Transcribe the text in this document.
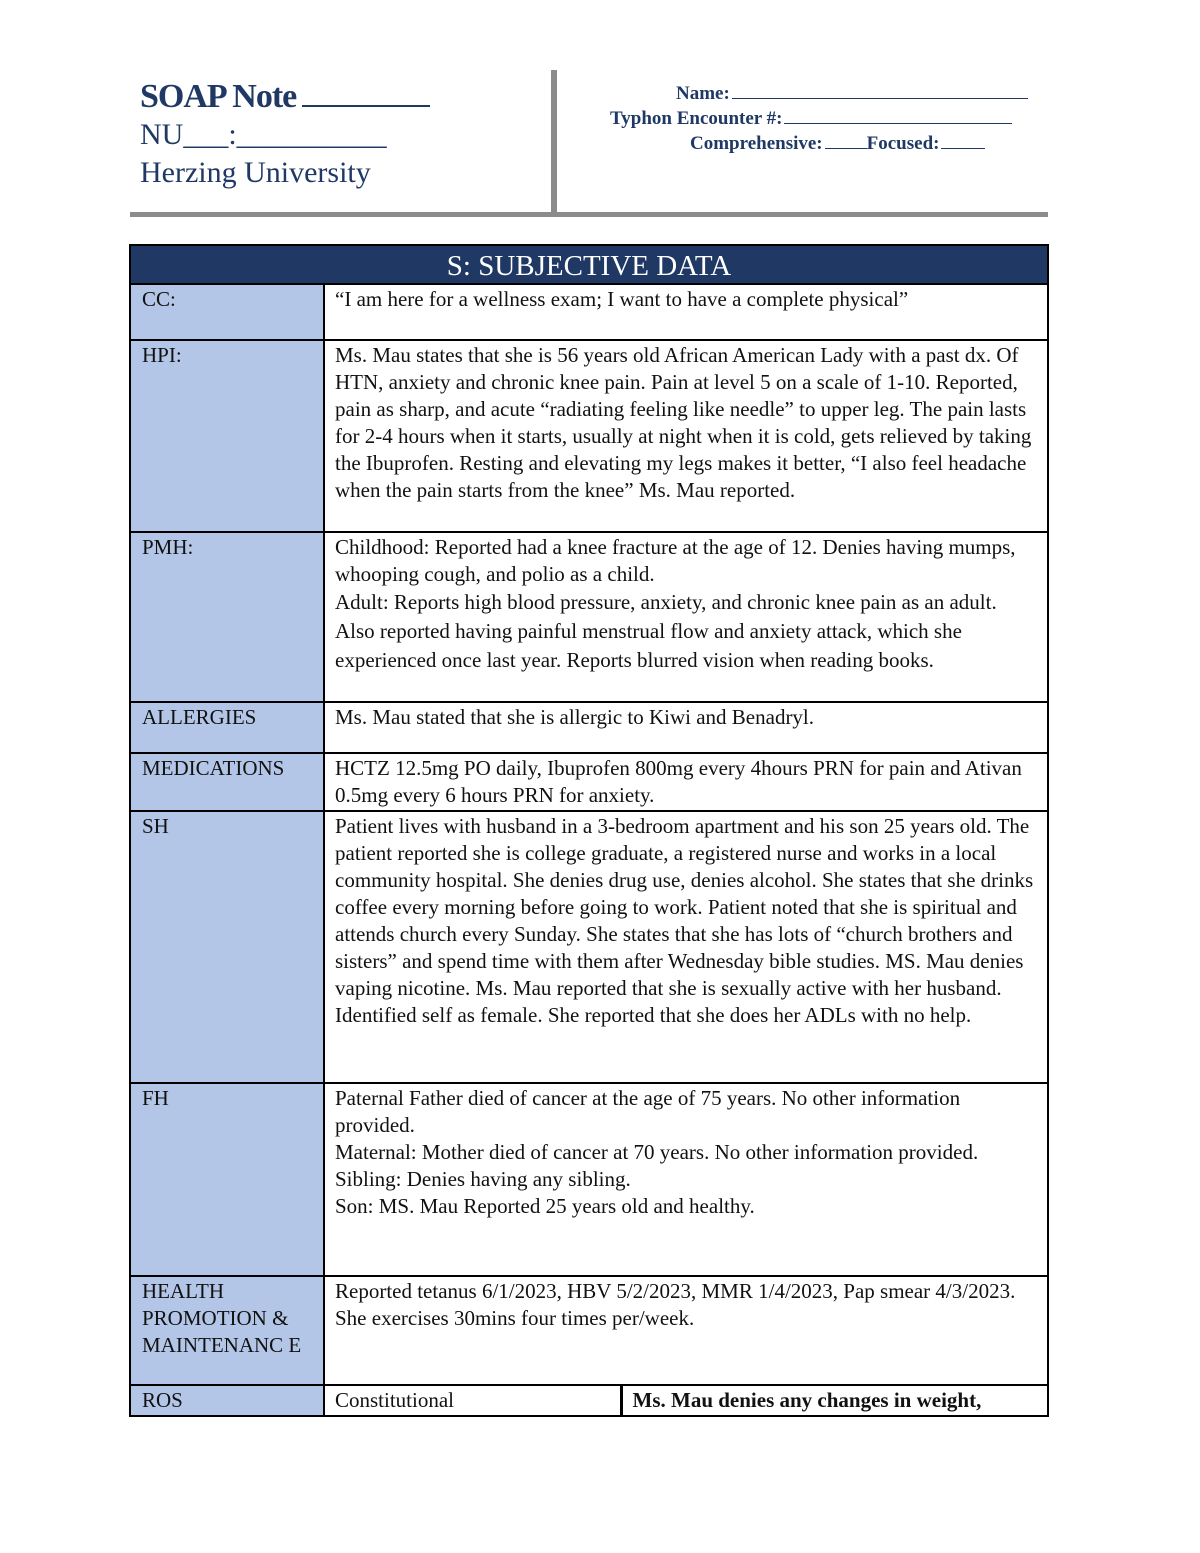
SOAP Note
NU___:__________
Herzing University
Name:
Typhon Encounter #:
Comprehensive: Focused:
S: SUBJECTIVE DATA		
CC:	“I am here for a wellness exam; I want to have a complete physical”	
HPI:	Ms. Mau states that she is 56 years old African American Lady with a past dx. Of HTN, anxiety and chronic knee pain. Pain at level 5 on a scale of 1-10. Reported, pain as sharp, and acute “radiating feeling like needle” to upper leg. The pain lasts for 2-4 hours when it starts, usually at night when it is cold, gets relieved by taking the Ibuprofen. Resting and elevating my legs makes it better, “I also feel headache when the pain starts from the knee” Ms. Mau reported.	
PMH:	Childhood: Reported had a knee fracture at the age of 12. Denies having mumps, whooping cough, and polio as a child.
Adult: Reports high blood pressure, anxiety, and chronic knee pain as an adult. Also reported having painful menstrual flow and anxiety attack, which she experienced once last year. Reports blurred vision when reading books.	

ALLERGIES	Ms. Mau stated that she is allergic to Kiwi and Benadryl.	
MEDICATIONS	HCTZ 12.5mg PO daily, Ibuprofen 800mg every 4hours PRN for pain and Ativan 0.5mg every 6 hours PRN for anxiety.	
SH	Patient lives with husband in a 3-bedroom apartment and his son 25 years old. The patient reported she is college graduate, a registered nurse and works in a local community hospital. She denies drug use, denies alcohol. She states that she drinks coffee every morning before going to work. Patient noted that she is spiritual and attends church every Sunday. She states that she has lots of “church brothers and sisters” and spend time with them after Wednesday bible studies. MS. Mau denies vaping nicotine. Ms. Mau reported that she is sexually active with her husband. Identified self as female. She reported that she does her ADLs with no help.	
FH	Paternal Father died of cancer at the age of 75 years. No other information provided.
Maternal: Mother died of cancer at 70 years. No other information provided.
Sibling: Denies having any sibling.
Son: MS. Mau Reported 25 years old and healthy.	

HEALTH PROMOTION & MAINTENANC E	Reported tetanus 6/1/2023, HBV 5/2/2023, MMR 1/4/2023, Pap smear 4/3/2023.
She exercises 30mins four times per/week.	

ROS	Constitutional	Ms. Mau denies any changes in weight,
